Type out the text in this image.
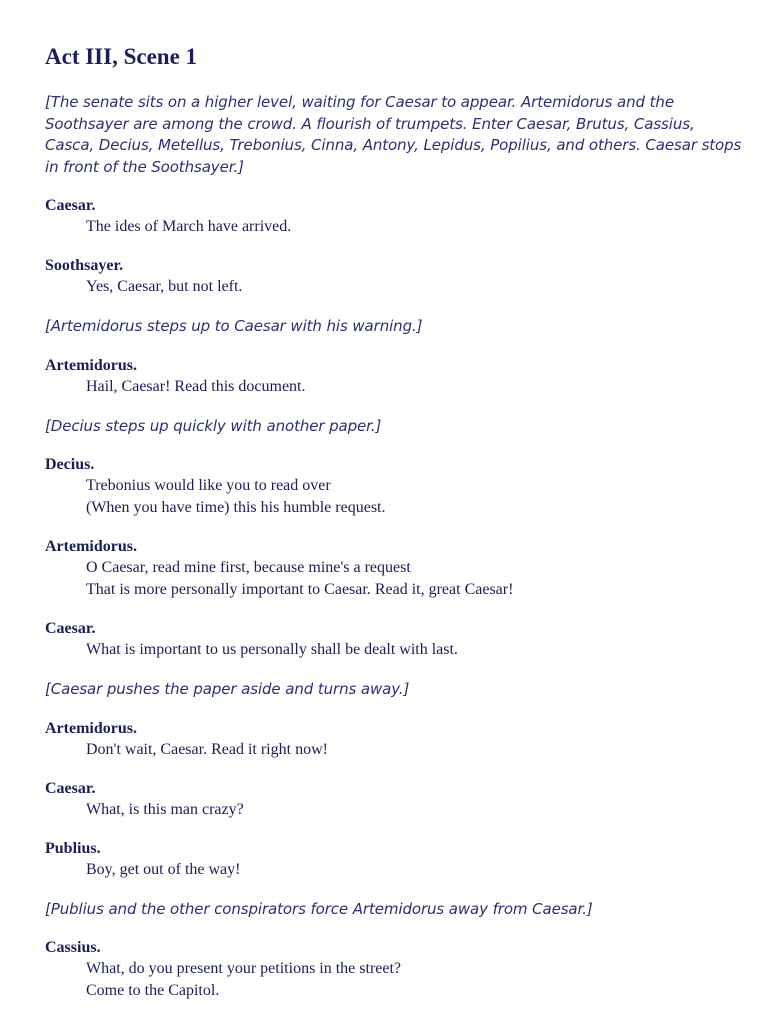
Act III, Scene 1
[The senate sits on a higher level, waiting for Caesar to appear. Artemidorus and the Soothsayer are among the crowd. A flourish of trumpets. Enter Caesar, Brutus, Cassius, Casca, Decius, Metellus, Trebonius, Cinna, Antony, Lepidus, Popilius, and others. Caesar stops in front of the Soothsayer.]
Caesar.
The ides of March have arrived.
Soothsayer.
Yes, Caesar, but not left.
[Artemidorus steps up to Caesar with his warning.]
Artemidorus.
Hail, Caesar! Read this document.
[Decius steps up quickly with another paper.]
Decius.
Trebonius would like you to read over
(When you have time) this his humble request.
Artemidorus.
O Caesar, read mine first, because mine's a request
That is more personally important to Caesar. Read it, great Caesar!
Caesar.
What is important to us personally shall be dealt with last.
[Caesar pushes the paper aside and turns away.]
Artemidorus.
Don't wait, Caesar. Read it right now!
Caesar.
What, is this man crazy?
Publius.
Boy, get out of the way!
[Publius and the other conspirators force Artemidorus away from Caesar.]
Cassius.
What, do you present your petitions in the street?
Come to the Capitol.
